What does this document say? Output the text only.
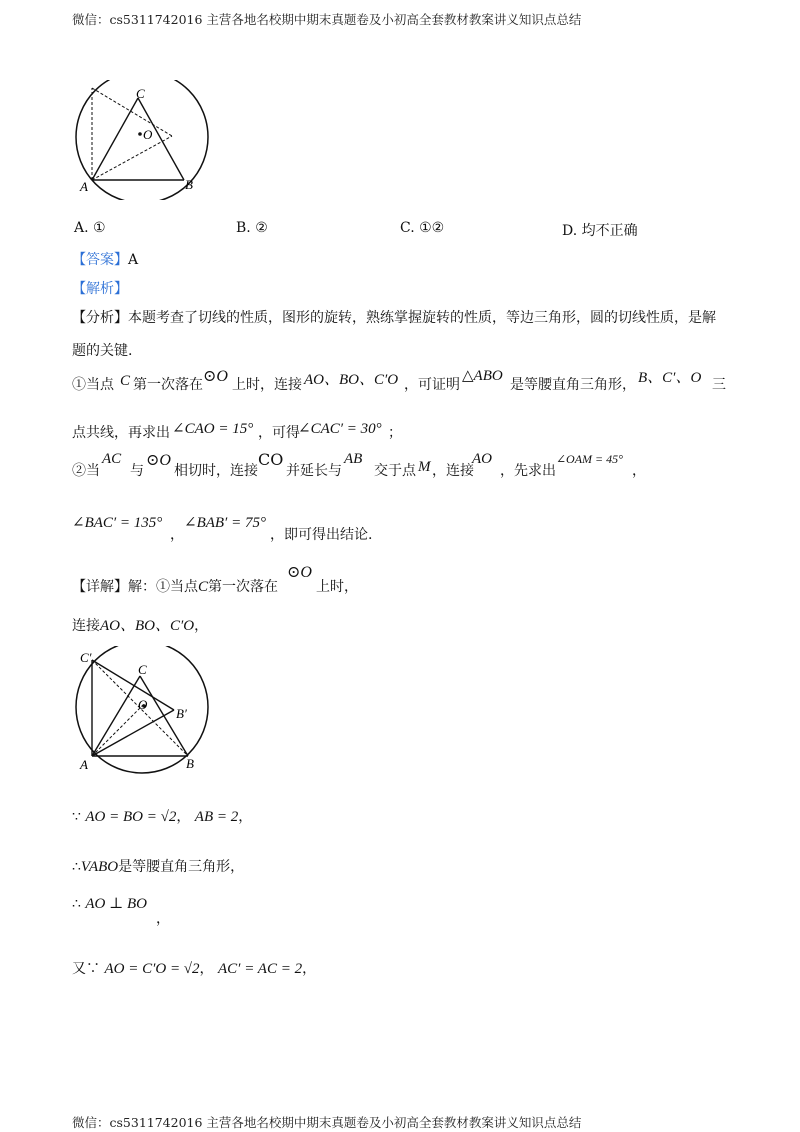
微信：cs5311742016 主营各地名校期中期末真题卷及小初高全套教材教案讲义知识点总结
C
O
A	B
A. ①	B. ②	C. ①②	D. 均不正确
【答案】A
【解析】
【分析】本题考查了切线的性质，图形的旋转，熟练掌握旋转的性质，等边三角形，圆的切线性质，是解
题的关键.
①当点 C 第一次落在 ⊙O 上时，连接 AO、BO、C′O ，可证明
△ABO
是等腰直角三角形， B、C′、O 三
点共线，再求出 ∠CAO = 15° ，可得
∠CAC′ = 30° ；
②当
AC
与
⊙O
相切时，连接
CO
并延长与
AB
交于点 M ，连接
AO
，先求出
∠OAM = 45°
，
∠BAC′ = 135°
，
∠BAB′ = 75°
，即可得出结论.
【详解】解：①当点C第一次落在
⊙O
上时，
连接AO、BO、C′O，
C′
C
O
B′
A	B
∵ AO = BO = √2， AB = 2，
∴VABO是等腰直角三角形，
∴ AO ⊥ BO
，
又∵ AO = C′O = √2， AC′ = AC = 2，
微信：cs5311742016 主营各地名校期中期末真题卷及小初高全套教材教案讲义知识点总结
